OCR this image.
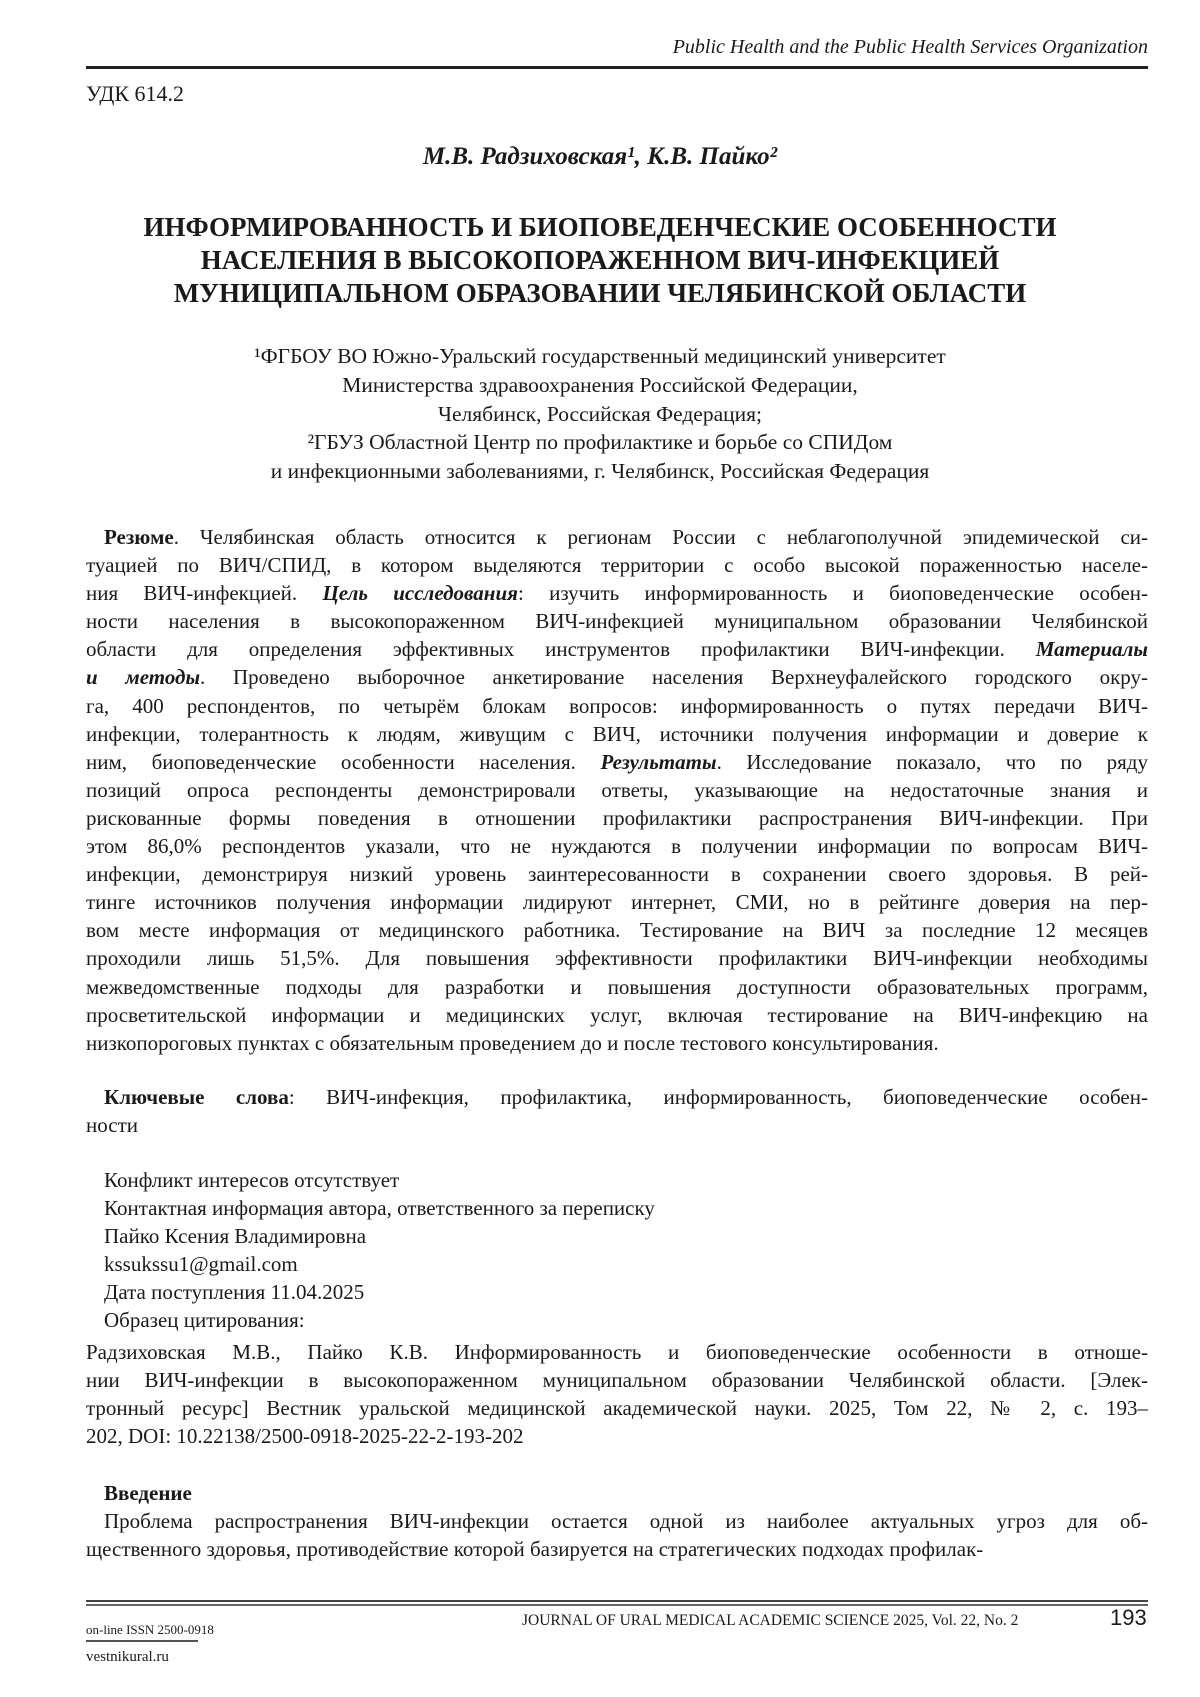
Public Health and the Public Health Services Organization
УДК 614.2
М.В. Радзиховская¹, К.В. Пайко²
ИНФОРМИРОВАННОСТЬ И БИОПОВЕДЕНЧЕСКИЕ ОСОБЕННОСТИ
НАСЕЛЕНИЯ В ВЫСОКОПОРАЖЕННОМ ВИЧ-ИНФЕКЦИЕЙ
МУНИЦИПАЛЬНОМ ОБРАЗОВАНИИ ЧЕЛЯБИНСКОЙ ОБЛАСТИ
¹ФГБОУ ВО Южно-Уральский государственный медицинский университет
Министерства здравоохранения Российской Федерации,
Челябинск, Российская Федерация;
²ГБУЗ Областной Центр по профилактике и борьбе со СПИДом
и инфекционными заболеваниями, г. Челябинск, Российская Федерация
Резюме. Челябинская область относится к регионам России с неблагополучной эпидемической си-
туацией по ВИЧ/СПИД, в котором выделяются территории с особо высокой пораженностью населе-
ния ВИЧ-инфекцией. Цель исследования: изучить информированность и биоповеденческие особен-
ности населения в высокопораженном ВИЧ-инфекцией муниципальном образовании Челябинской
области для определения эффективных инструментов профилактики ВИЧ-инфекции. Материалы
и методы. Проведено выборочное анкетирование населения Верхнеуфалейского городского окру-
га, 400 респондентов, по четырём блокам вопросов: информированность о путях передачи ВИЧ-
инфекции, толерантность к людям, живущим с ВИЧ, источники получения информации и доверие к
ним, биоповеденческие особенности населения. Результаты. Исследование показало, что по ряду
позиций опроса респонденты демонстрировали ответы, указывающие на недостаточные знания и
рискованные формы поведения в отношении профилактики распространения ВИЧ-инфекции. При
этом 86,0% респондентов указали, что не нуждаются в получении информации по вопросам ВИЧ-
инфекции, демонстрируя низкий уровень заинтересованности в сохранении своего здоровья. В рей-
тинге источников получения информации лидируют интернет, СМИ, но в рейтинге доверия на пер-
вом месте информация от медицинского работника. Тестирование на ВИЧ за последние 12 месяцев
проходили лишь 51,5%. Для повышения эффективности профилактики ВИЧ-инфекции необходимы
межведомственные подходы для разработки и повышения доступности образовательных программ,
просветительской информации и медицинских услуг, включая тестирование на ВИЧ-инфекцию на
низкопороговых пунктах с обязательным проведением до и после тестового консультирования.
Ключевые слова: ВИЧ-инфекция, профилактика, информированность, биоповеденческие особен-
ности
Конфликт интересов отсутствует
Контактная информация автора, ответственного за переписку
Пайко Ксения Владимировна
kssukssu1@gmail.com
Дата поступления 11.04.2025
Образец цитирования:
Радзиховская М.В., Пайко К.В. Информированность и биоповеденческие особенности в отноше-
нии ВИЧ-инфекции в высокопораженном муниципальном образовании Челябинской области. [Элек-
тронный ресурс] Вестник уральской медицинской академической науки. 2025, Том 22, № 2, с. 193–
202, DOI: 10.22138/2500-0918-2025-22-2-193-202
Введение
Проблема распространения ВИЧ-инфекции остается одной из наиболее актуальных угроз для об-
щественного здоровья, противодействие которой базируется на стратегических подходах профилак-
on-line ISSN 2500-0918
vestnikural.ru
JOURNAL OF URAL MEDICAL ACADEMIC SCIENCE 2025, Vol. 22, No. 2	193
